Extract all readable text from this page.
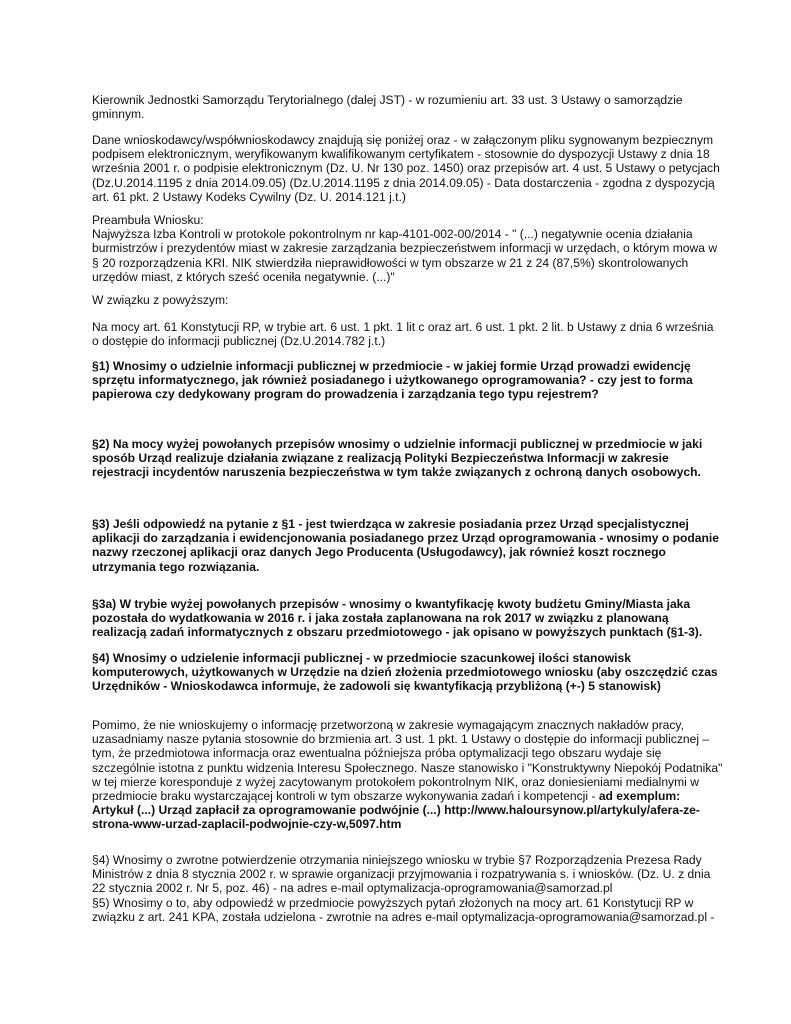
Kierownik Jednostki Samorządu Terytorialnego (dalej JST) - w rozumieniu art. 33 ust. 3 Ustawy o samorządzie
gminnym.

Dane wnioskodawcy/współwnioskodawcy znajdują się poniżej oraz - w załączonym pliku sygnowanym bezpiecznym
podpisem elektronicznym, weryfikowanym kwalifikowanym certyfikatem - stosownie do dyspozycji Ustawy z dnia 18
września 2001 r. o podpisie elektronicznym (Dz. U. Nr 130 poz. 1450) oraz przepisów art. 4 ust. 5 Ustawy o petycjach
(Dz.U.2014.1195 z dnia 2014.09.05) (Dz.U.2014.1195 z dnia 2014.09.05) - Data dostarczenia - zgodna z dyspozycją
art. 61 pkt. 2 Ustawy Kodeks Cywilny (Dz. U. 2014.121 j.t.)

Preambuła Wniosku:
Najwyższa Izba Kontroli w protokole pokontrolnym nr kap-4101-002-00/2014 - " (...) negatywnie ocenia działania
burmistrzów i prezydentów miast w zakresie zarządzania bezpieczeństwem informacji w urzędach, o którym mowa w
§ 20 rozporządzenia KRI. NIK stwierdziła nieprawidłowości w tym obszarze w 21 z 24 (87,5%) skontrolowanych
urzędów miast, z których sześć oceniła negatywnie. (...)"

W związku z powyższym:

Na mocy art. 61 Konstytucji RP, w trybie art. 6 ust. 1 pkt. 1 lit c oraz art. 6 ust. 1 pkt. 2 lit. b Ustawy z dnia 6 września
o dostępie do informacji publicznej (Dz.U.2014.782 j.t.)

§1) Wnosimy o udzielnie informacji publicznej w przedmiocie - w jakiej formie Urząd prowadzi ewidencję
sprzętu informatycznego, jak również posiadanego i użytkowanego oprogramowania? - czy jest to forma
papierowa czy dedykowany program do prowadzenia i zarządzania tego typu rejestrem?

§2) Na mocy wyżej powołanych przepisów wnosimy o udzielnie informacji publicznej w przedmiocie w jaki
sposób Urząd realizuje działania związane z realizacją Polityki Bezpieczeństwa Informacji w zakresie
rejestracji incydentów naruszenia bezpieczeństwa w tym także związanych z ochroną danych osobowych.

§3) Jeśli odpowiedź na pytanie z §1 - jest twierdząca w zakresie posiadania przez Urząd specjalistycznej
aplikacji do zarządzania i ewidencjonowania posiadanego przez Urząd oprogramowania - wnosimy o podanie
nazwy rzeczonej aplikacji oraz danych Jego Producenta (Usługodawcy), jak również koszt rocznego
utrzymania tego rozwiązania.

§3a) W trybie wyżej powołanych przepisów - wnosimy o kwantyfikację kwoty budżetu Gminy/Miasta jaka
pozostała do wydatkowania w 2016 r. i jaka została zaplanowana na rok 2017 w związku z planowaną
realizacją zadań informatycznych z obszaru przedmiotowego - jak opisano w powyższych punktach (§1-3).

§4) Wnosimy o udzielenie informacji publicznej - w przedmiocie szacunkowej ilości stanowisk
komputerowych, użytkowanych w Urzędzie na dzień złożenia przedmiotowego wniosku (aby oszczędzić czas
Urzędników - Wnioskodawca informuje, że zadowoli się kwantyfikacją przybliżoną (+-) 5 stanowisk)

Pomimo, że nie wnioskujemy o informację przetworzoną w zakresie wymagającym znacznych nakładów pracy,
uzasadniamy nasze pytania stosownie do brzmienia art. 3 ust. 1 pkt. 1 Ustawy o dostępie do informacji publicznej –
tym, że przedmiotowa informacja oraz ewentualna późniejsza próba optymalizacji tego obszaru wydaje się
szczególnie istotna z punktu widzenia Interesu Społecznego. Nasze stanowisko i "Konstruktywny Niepokój Podatnika"
w tej mierze koresponduje z wyżej zacytowanym protokołem pokontrolnym NIK, oraz doniesieniami medialnymi w
przedmiocie braku wystarczającej kontroli w tym obszarze wykonywania zadań i kompetencji - ad exemplum:
Artykuł (...) Urząd zapłacił za oprogramowanie podwójnie (...) http://www.haloursynow.pl/artykuly/afera-ze-
strona-www-urzad-zaplacil-podwojnie-czy-w,5097.htm

§4) Wnosimy o zwrotne potwierdzenie otrzymania niniejszego wniosku w trybie §7 Rozporządzenia Prezesa Rady
Ministrów z dnia 8 stycznia 2002 r. w sprawie organizacji przyjmowania i rozpatrywania s. i wniosków. (Dz. U. z dnia
22 stycznia 2002 r. Nr 5, poz. 46) - na adres e-mail optymalizacja-oprogramowania@samorzad.pl
§5) Wnosimy o to, aby odpowiedź w przedmiocie powyższych pytań złożonych na mocy art. 61 Konstytucji RP w
związku z art. 241 KPA, została udzielona - zwrotnie na adres e-mail optymalizacja-oprogramowania@samorzad.pl -
